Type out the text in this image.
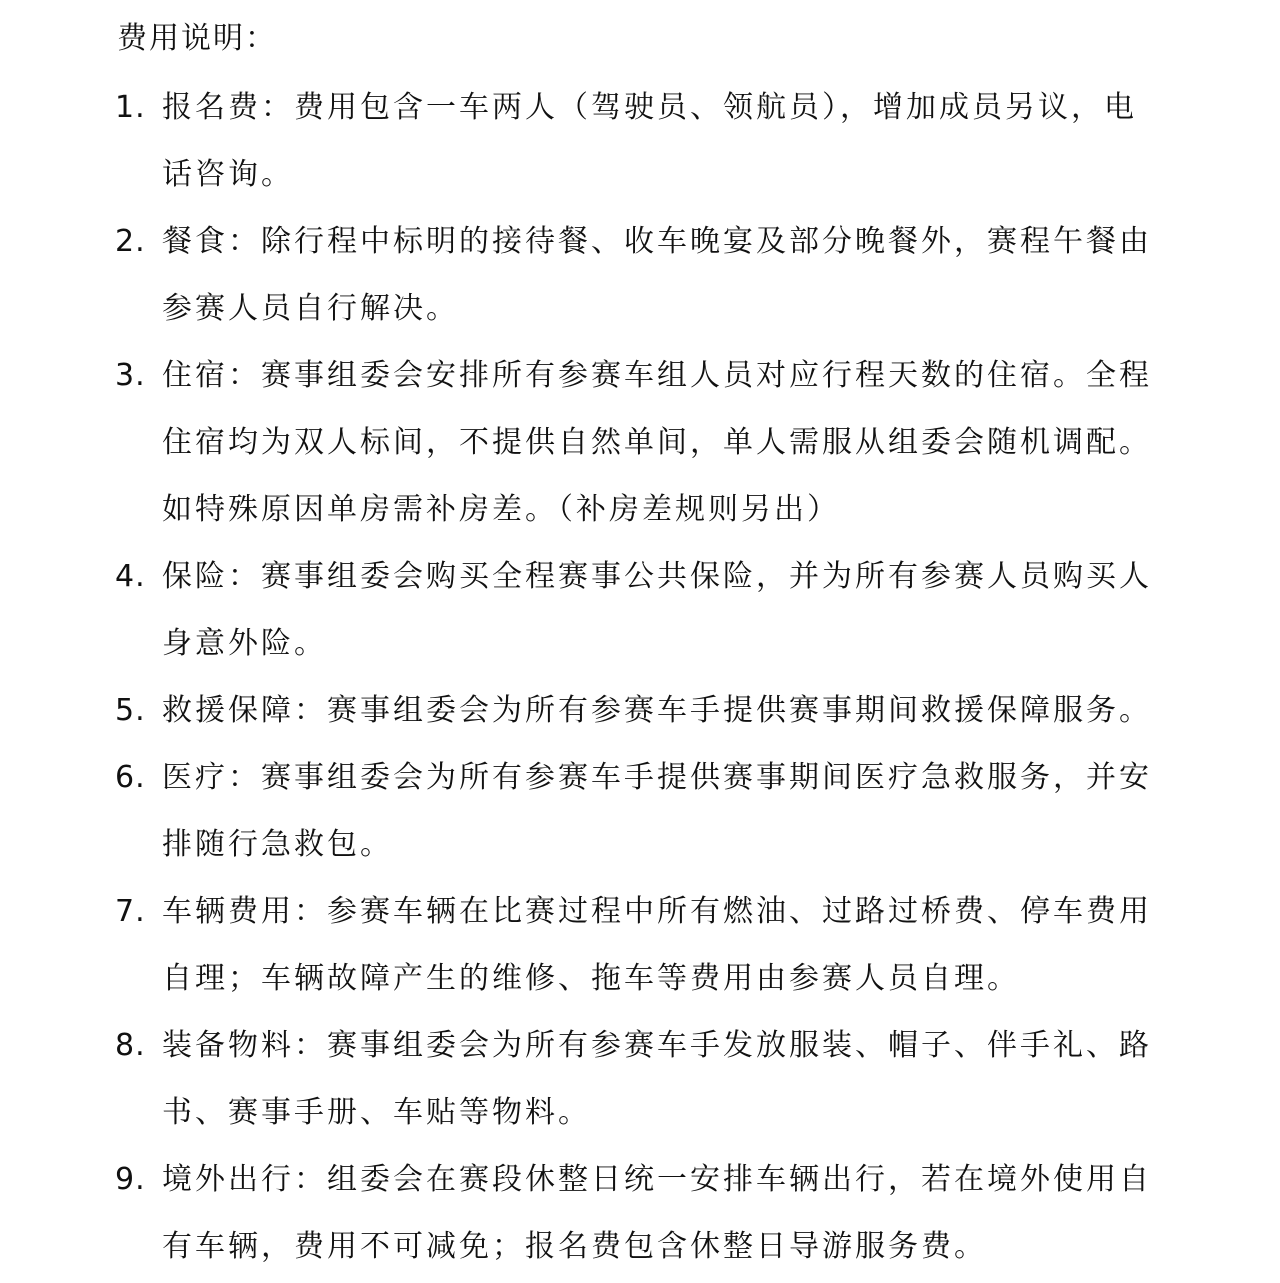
费用说明：
1. 报名费：费用包含一车两人（驾驶员、领航员），增加成员另议，电话咨询。
2. 餐食：除行程中标明的接待餐、收车晚宴及部分晚餐外，赛程午餐由参赛人员自行解决。
3. 住宿：赛事组委会安排所有参赛车组人员对应行程天数的住宿。全程住宿均为双人标间，不提供自然单间，单人需服从组委会随机调配。如特殊原因单房需补房差。（补房差规则另出）
4. 保险：赛事组委会购买全程赛事公共保险，并为所有参赛人员购买人身意外险。
5. 救援保障：赛事组委会为所有参赛车手提供赛事期间救援保障服务。
6. 医疗：赛事组委会为所有参赛车手提供赛事期间医疗急救服务，并安排随行急救包。
7. 车辆费用：参赛车辆在比赛过程中所有燃油、过路过桥费、停车费用自理；车辆故障产生的维修、拖车等费用由参赛人员自理。
8. 装备物料：赛事组委会为所有参赛车手发放服装、帽子、伴手礼、路书、赛事手册、车贴等物料。
9. 境外出行：组委会在赛段休整日统一安排车辆出行，若在境外使用自有车辆，费用不可减免；报名费包含休整日导游服务费。
